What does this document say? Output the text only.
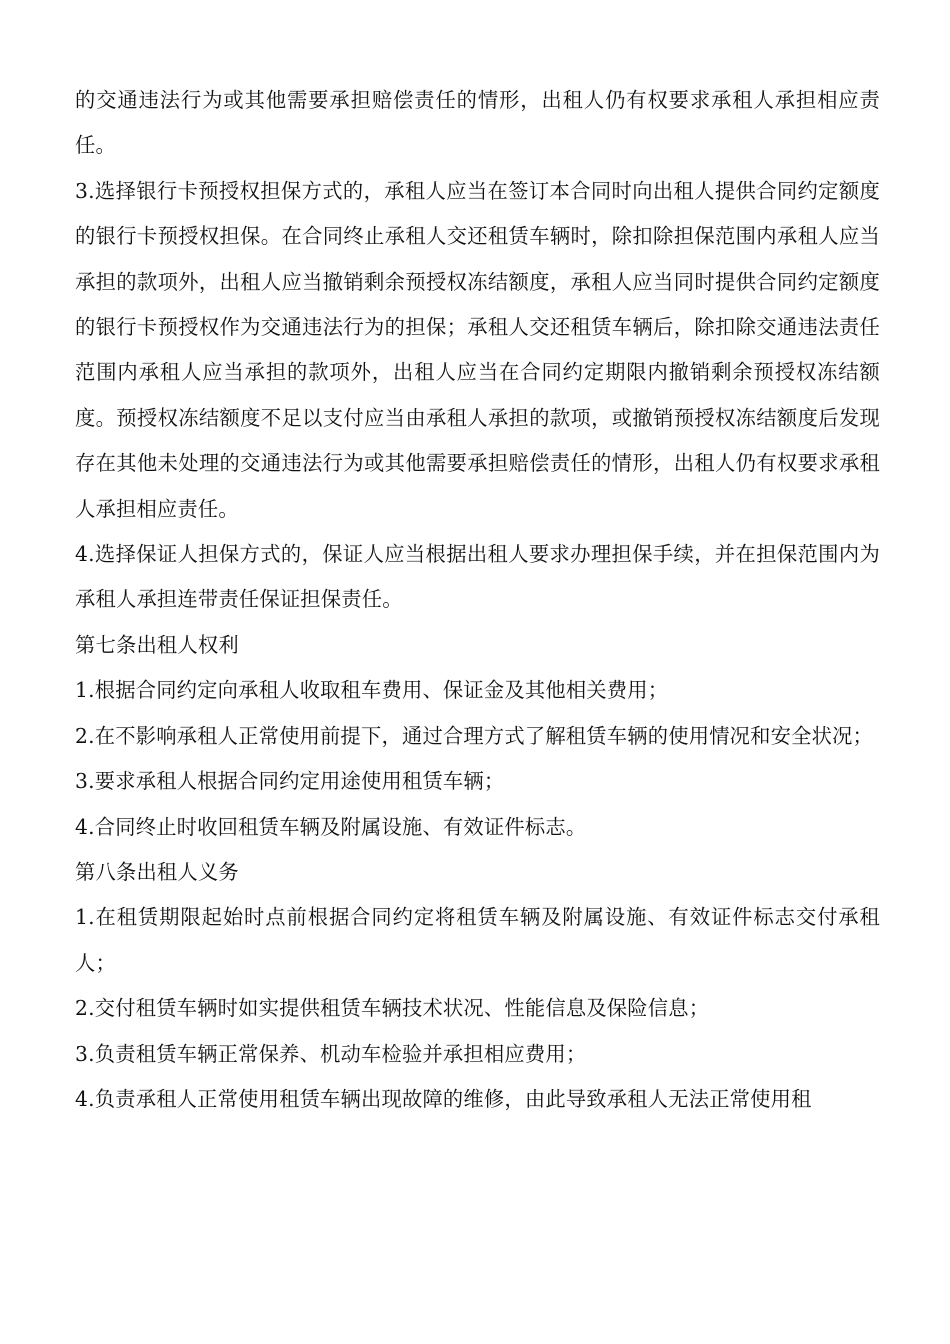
的交通违法行为或其他需要承担赔偿责任的情形，出租人仍有权要求承租人承担相应责任。

3.选择银行卡预授权担保方式的，承租人应当在签订本合同时向出租人提供合同约定额度的银行卡预授权担保。在合同终止承租人交还租赁车辆时，除扣除担保范围内承租人应当承担的款项外，出租人应当撤销剩余预授权冻结额度，承租人应当同时提供合同约定额度的银行卡预授权作为交通违法行为的担保；承租人交还租赁车辆后，除扣除交通违法责任范围内承租人应当承担的款项外，出租人应当在合同约定期限内撤销剩余预授权冻结额度。预授权冻结额度不足以支付应当由承租人承担的款项，或撤销预授权冻结额度后发现存在其他未处理的交通违法行为或其他需要承担赔偿责任的情形，出租人仍有权要求承租人承担相应责任。

4.选择保证人担保方式的，保证人应当根据出租人要求办理担保手续，并在担保范围内为承租人承担连带责任保证担保责任。

第七条出租人权利

1.根据合同约定向承租人收取租车费用、保证金及其他相关费用；

2.在不影响承租人正常使用前提下，通过合理方式了解租赁车辆的使用情况和安全状况；

3.要求承租人根据合同约定用途使用租赁车辆；

4.合同终止时收回租赁车辆及附属设施、有效证件标志。

第八条出租人义务

1.在租赁期限起始时点前根据合同约定将租赁车辆及附属设施、有效证件标志交付承租人；

2.交付租赁车辆时如实提供租赁车辆技术状况、性能信息及保险信息；

3.负责租赁车辆正常保养、机动车检验并承担相应费用；

4.负责承租人正常使用租赁车辆出现故障的维修，由此导致承租人无法正常使用租
